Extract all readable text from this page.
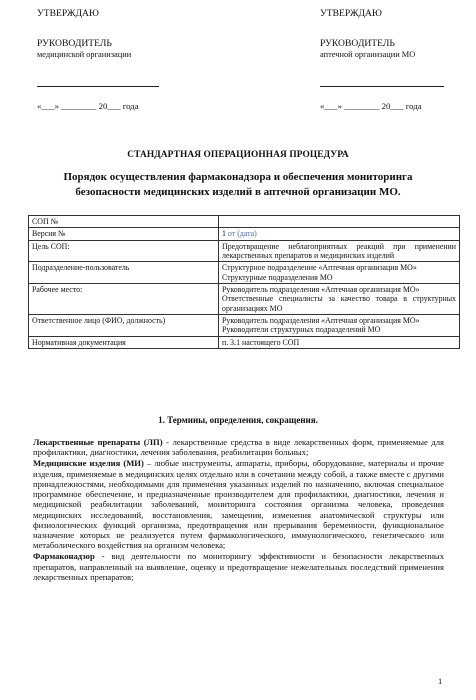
УТВЕРЖДАЮ
РУКОВОДИТЕЛЬ
медицинской организации
«___» ________ 20___ года
УТВЕРЖДАЮ
РУКОВОДИТЕЛЬ
аптечной организации МО
«___» ________ 20___ года
СТАНДАРТНАЯ ОПЕРАЦИОННАЯ ПРОЦЕДУРА
Порядок осуществления фармаконадзора и обеспечения мониторинга безопасности медицинских изделий в аптечной организации МО.
СОП №	
Версия №	1 от (дата)
Цель СОП:	Предотвращение неблагоприятных реакций при применении лекарственных препаратов и медицинских изделий
Подразделение-пользователь	Структурное подразделение «Аптечная организация МО»
Структурные подразделения МО

Рабочее место:	Руководитель подразделения «Аптечная организация МО»
Ответственные специалисты за качество товара в структурных организациях МО

Ответственное лицо (ФИО, должность)	Руководитель подразделения «Аптечная организация МО»
Руководители структурных подразделений МО

Нормативная документация	п. 3.1 настоящего СОП
1. Термины, определения, сокращения.

Лекарственные препараты (ЛП) - лекарственные средства в виде лекарственных форм, применяемые для профилактики, диагностики, лечения заболевания, реабилитации больных;

Медицинские изделия (МИ) – любые инструменты, аппараты, приборы, оборудование, материалы и прочие изделия, применяемые в медицинских целях отдельно или в сочетании между собой, а также вместе с другими принадлежностями, необходимыми для применения указанных изделий по назначению, включая специальное программное обеспечение, и предназначенные производителем для профилактики, диагностики, лечения и медицинской реабилитации заболеваний, мониторинга состояния организма человека, проведения медицинских исследований, восстановления, замещения, изменения анатомической структуры или физиологических функций организма, предотвращения или прерывания беременности, функциональное назначение которых не реализуется путем фармакологического, иммунологического, генетического или метаболического воздействия на организм человека;

Фармаконадзор - вид деятельности по мониторингу эффективности и безопасности лекарственных препаратов, направленный на выявление, оценку и предотвращение нежелательных последствий применения лекарственных препаратов;

1
